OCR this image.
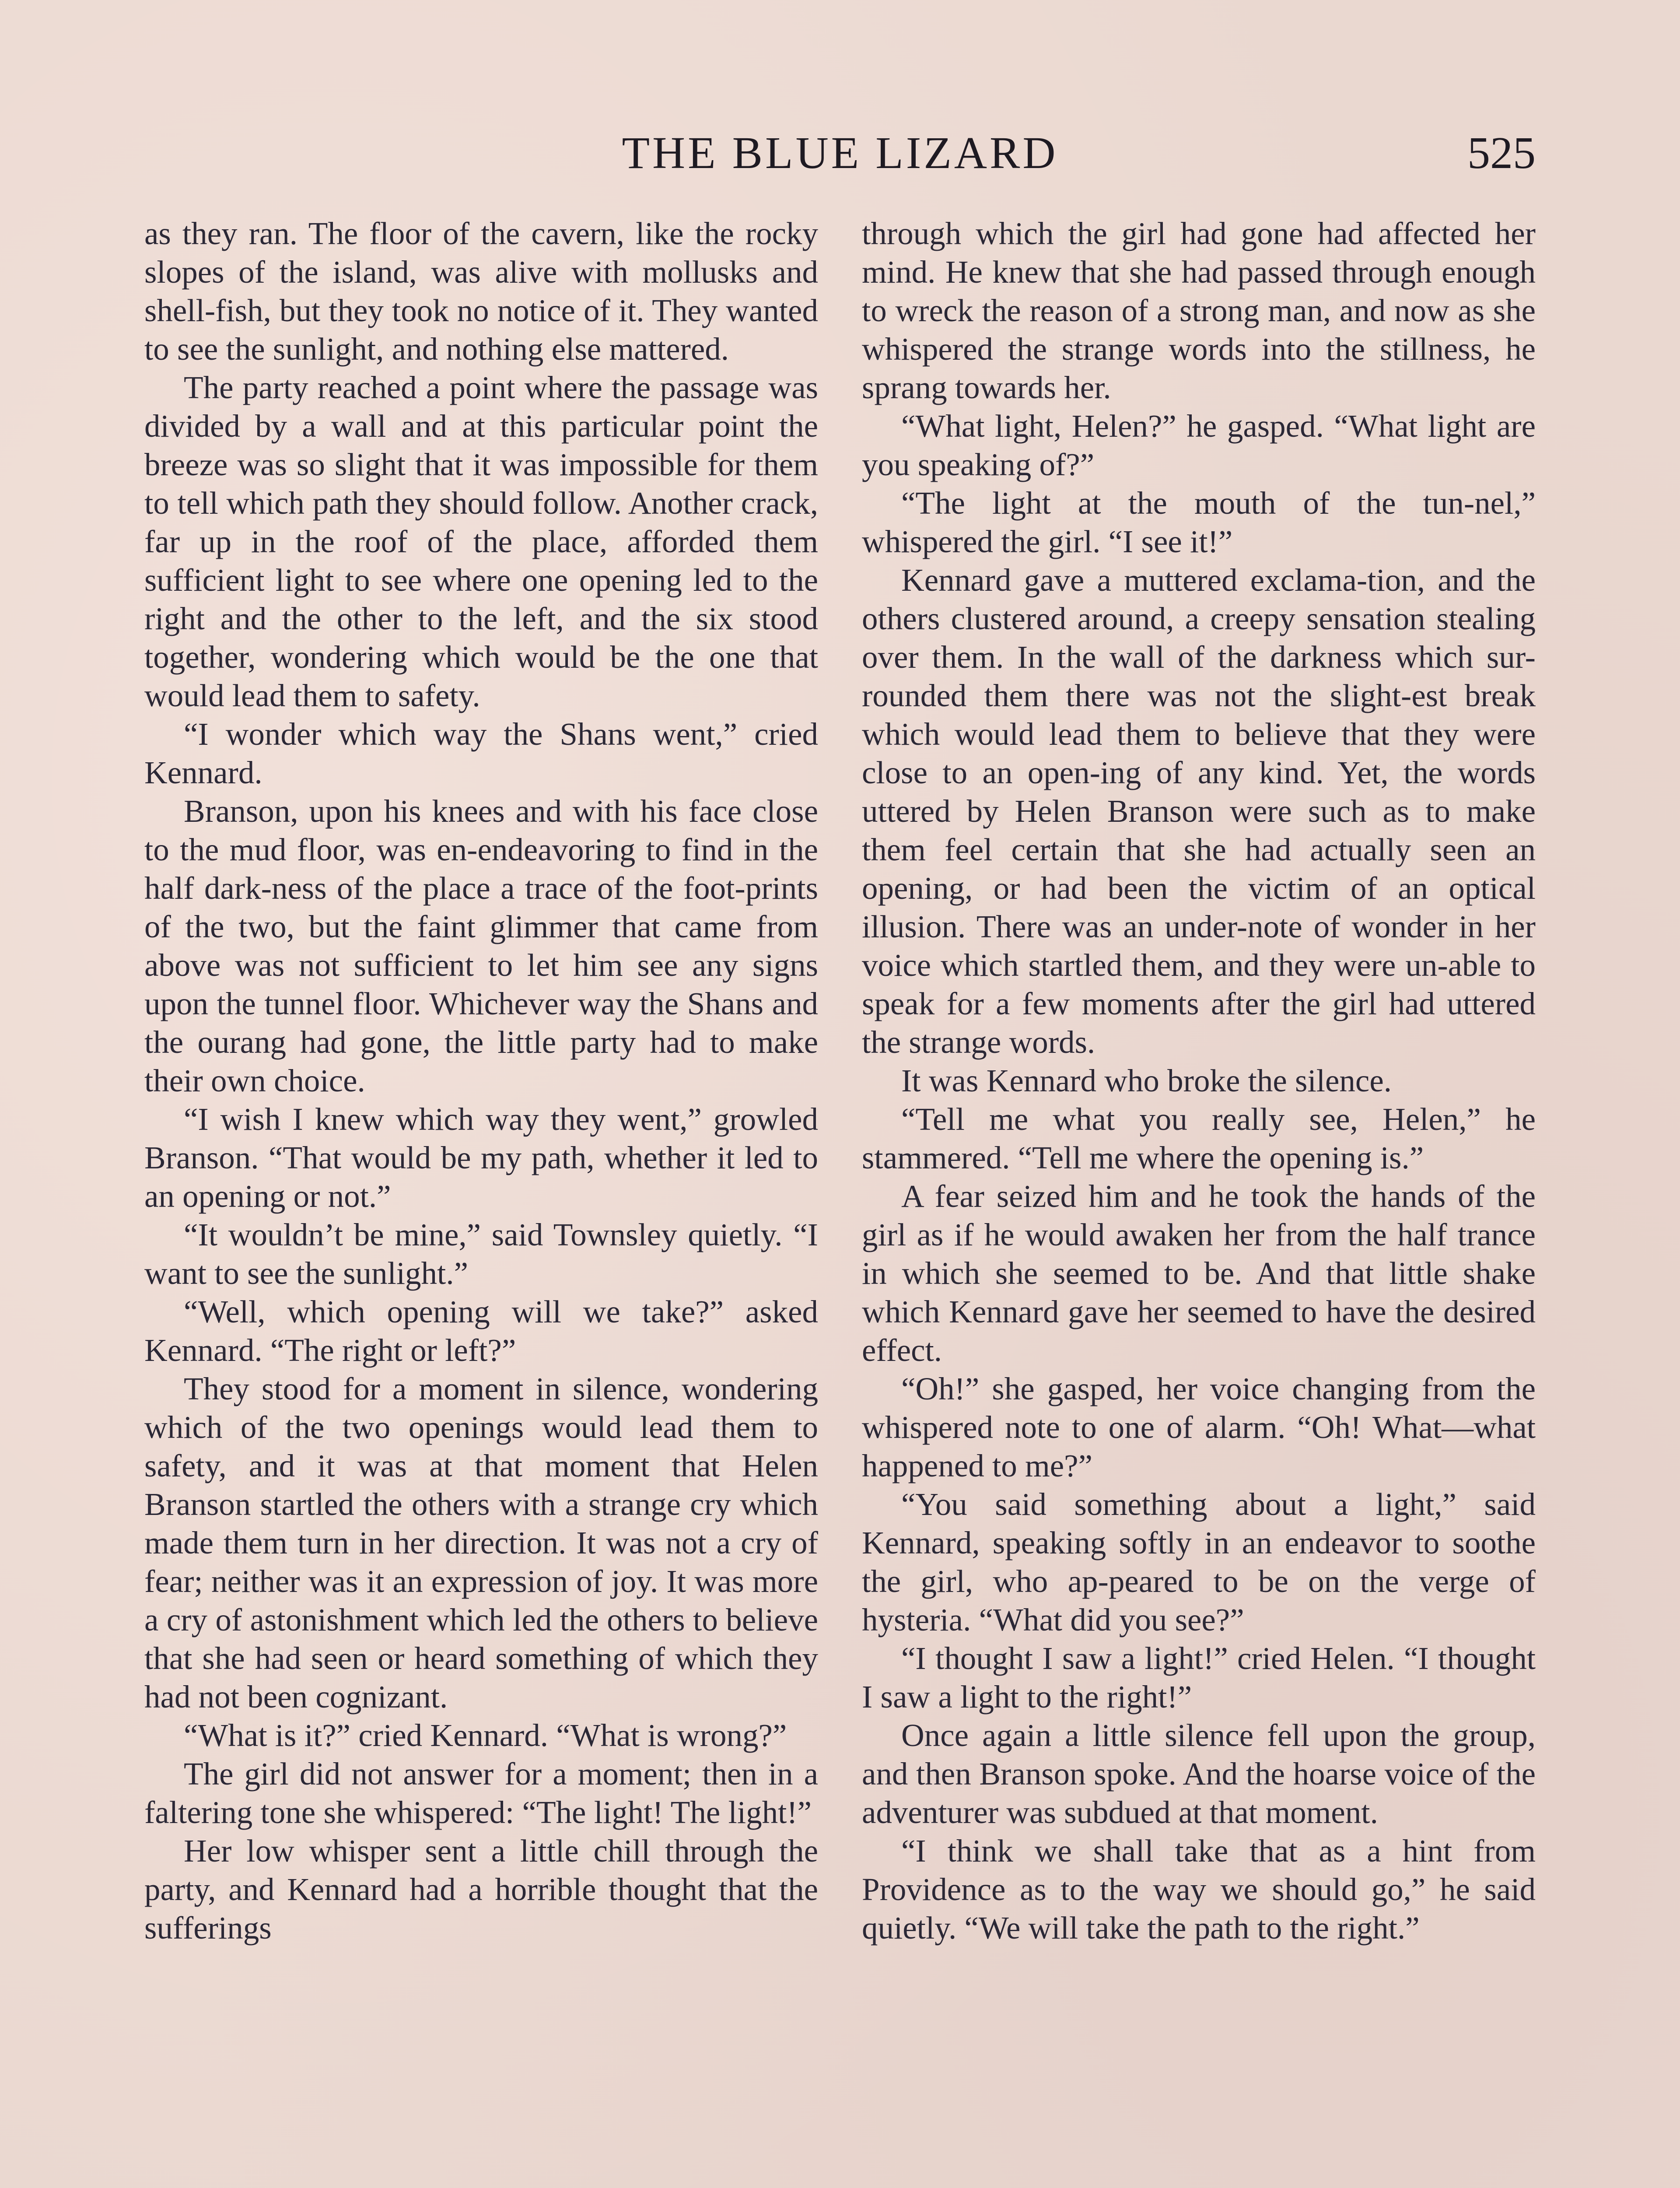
THE BLUE LIZARD	525

as they ran. The floor of the cavern, like the rocky slopes of the island, was alive with mollusks and shell-fish, but they took no notice of it. They wanted to see the sunlight, and nothing else mattered.

The party reached a point where the passage was divided by a wall and at this particular point the breeze was so slight that it was impossible for them to tell which path they should follow. Another crack, far up in the roof of the place, afforded them sufficient light to see where one opening led to the right and the other to the left, and the six stood together, wondering which would be the one that would lead them to safety.

“I wonder which way the Shans went,” cried Kennard.

Branson, upon his knees and with his face close to the mud floor, was en-endeavoring to find in the half dark-ness of the place a trace of the foot-prints of the two, but the faint glimmer that came from above was not sufficient to let him see any signs upon the tunnel floor. Whichever way the Shans and the ourang had gone, the little party had to make their own choice.

“I wish I knew which way they went,” growled Branson. “That would be my path, whether it led to an opening or not.”

“It wouldn’t be mine,” said Townsley quietly. “I want to see the sunlight.”

“Well, which opening will we take?” asked Kennard. “The right or left?”

They stood for a moment in silence, wondering which of the two openings would lead them to safety, and it was at that moment that Helen Branson startled the others with a strange cry which made them turn in her direction. It was not a cry of fear; neither was it an expression of joy. It was more a cry of astonishment which led the others to believe that she had seen or heard something of which they had not been cognizant.

“What is it?” cried Kennard. “What is wrong?”

The girl did not answer for a moment; then in a faltering tone she whispered: “The light! The light!”

Her low whisper sent a little chill through the party, and Kennard had a horrible thought that the sufferings

through which the girl had gone had affected her mind. He knew that she had passed through enough to wreck the reason of a strong man, and now as she whispered the strange words into the stillness, he sprang towards her.

“What light, Helen?” he gasped. “What light are you speaking of?”

“The light at the mouth of the tun-nel,” whispered the girl. “I see it!”

Kennard gave a muttered exclama-tion, and the others clustered around, a creepy sensation stealing over them. In the wall of the darkness which sur-rounded them there was not the slight-est break which would lead them to believe that they were close to an open-ing of any kind. Yet, the words uttered by Helen Branson were such as to make them feel certain that she had actually seen an opening, or had been the victim of an optical illusion. There was an under-note of wonder in her voice which startled them, and they were un-able to speak for a few moments after the girl had uttered the strange words.

It was Kennard who broke the silence.

“Tell me what you really see, Helen,” he stammered. “Tell me where the opening is.”

A fear seized him and he took the hands of the girl as if he would awaken her from the half trance in which she seemed to be. And that little shake which Kennard gave her seemed to have the desired effect.

“Oh!” she gasped, her voice changing from the whispered note to one of alarm. “Oh! What—what happened to me?”

“You said something about a light,” said Kennard, speaking softly in an endeavor to soothe the girl, who ap-peared to be on the verge of hysteria. “What did you see?”

“I thought I saw a light!” cried Helen. “I thought I saw a light to the right!”

Once again a little silence fell upon the group, and then Branson spoke. And the hoarse voice of the adventurer was subdued at that moment.

“I think we shall take that as a hint from Providence as to the way we should go,” he said quietly. “We will take the path to the right.”
